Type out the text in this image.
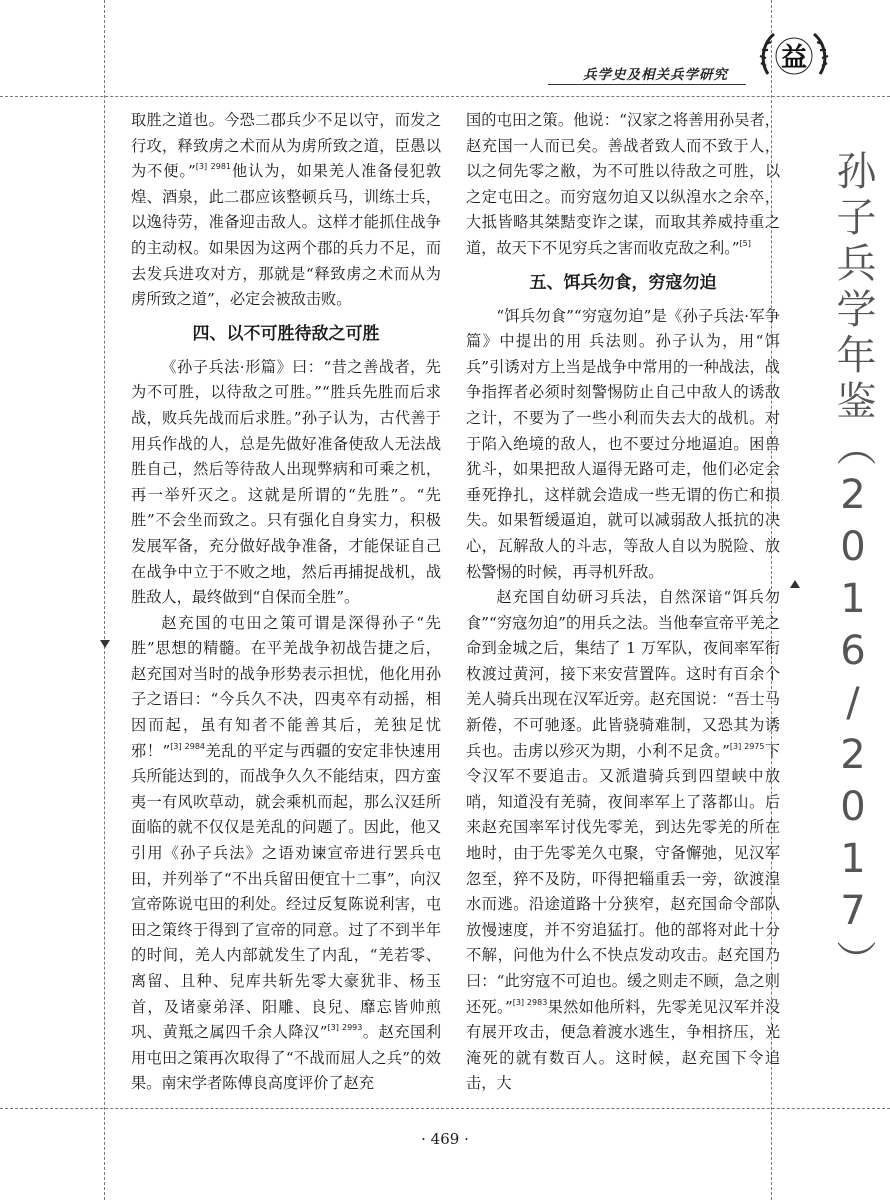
兵学史及相关兵学研究
益

取胜之道也。今恐二郡兵少不足以守，而发之行攻，释致虏之术而从为虏所致之道，臣愚以为不便。”$^{[3] 2981}$他认为，如果羌人准备侵犯敦煌、酒泉，此二郡应该整顿兵马，训练士兵，以逸待劳，准备迎击敌人。这样才能抓住战争的主动权。如果因为这两个郡的兵力不足，而去发兵进攻对方，那就是“释致虏之术而从为虏所致之道”，必定会被敌击败。

四、以不可胜待敌之可胜

《孙子兵法·形篇》曰：“昔之善战者，先为不可胜，以待敌之可胜。”“胜兵先胜而后求战，败兵先战而后求胜。”孙子认为，古代善于用兵作战的人，总是先做好准备使敌人无法战胜自己，然后等待敌人出现弊病和可乘之机，再一举歼灭之。这就是所谓的“先胜”。“先胜”不会坐而致之。只有强化自身实力，积极发展军备，充分做好战争准备，才能保证自己在战争中立于不败之地，然后再捕捉战机，战胜敌人，最终做到“自保而全胜”。

赵充国的屯田之策可谓是深得孙子“先胜”思想的精髓。在平羌战争初战告捷之后，赵充国对当时的战争形势表示担忧，他化用孙子之语曰：“今兵久不决，四夷卒有动摇，相因而起，虽有知者不能善其后，羌独足忧邪！”$^{[3] 2984}$羌乱的平定与西疆的安定非快速用兵所能达到的，而战争久久不能结束，四方蛮夷一有风吹草动，就会乘机而起，那么汉廷所面临的就不仅仅是羌乱的问题了。因此，他又引用《孙子兵法》之语劝谏宣帝进行罢兵屯田，并列举了“不出兵留田便宜十二事”，向汉宣帝陈说屯田的利处。经过反复陈说利害，屯田之策终于得到了宣帝的同意。过了不到半年的时间，羌人内部就发生了内乱，“羌若零、离留、且种、兒库共斩先零大豪犹非、杨玉首，及诸豪弟泽、阳雕、良兒、靡忘皆帅煎巩、黄羝之属四千余人降汉”$^{[3] 2993}$。赵充国利用屯田之策再次取得了“不战而屈人之兵”的效果。南宋学者陈傅良高度评价了赵充

国的屯田之策。他说：“汉家之将善用孙吴者，赵充国一人而已矣。善战者致人而不致于人，以之伺先零之敝，为不可胜以待敌之可胜，以之定屯田之。而穷寇勿迫又以纵湟水之余卒，大抵皆略其桀黠变诈之谋，而取其养威持重之道，故天下不见穷兵之害而收克敌之利。”[5]

五、饵兵勿食，穷寇勿迫

“饵兵勿食”“穷寇勿迫”是《孙子兵法·军争篇》中提出的用 兵法则。孙子认为，用“饵兵”引诱对方上当是战争中常用的一种战法，战争指挥者必须时刻警惕防止自己中敌人的诱敌之计，不要为了一些小利而失去大的战机。对于陷入绝境的敌人，也不要过分地逼迫。困兽犹斗，如果把敌人逼得无路可走，他们必定会垂死挣扎，这样就会造成一些无谓的伤亡和损失。如果暂缓逼迫，就可以减弱敌人抵抗的决心，瓦解敌人的斗志，等敌人自以为脱险、放松警惕的时候，再寻机歼敌。

赵充国自幼研习兵法，自然深谙“饵兵勿食”“穷寇勿迫”的用兵之法。当他奉宣帝平羌之命到金城之后，集结了 1 万军队，夜间率军衔枚渡过黄河，接下来安营置阵。这时有百余个羌人骑兵出现在汉军近旁。赵充国说：“吾士马新倦，不可驰逐。此皆骁骑难制，又恐其为诱兵也。击虏以殄灭为期，小利不足贪。”$^{[3] 2975}$下令汉军不要追击。又派遣骑兵到四望峡中放哨，知道没有羌骑，夜间率军上了落都山。后来赵充国率军讨伐先零羌，到达先零羌的所在地时，由于先零羌久屯聚，守备懈弛，见汉军忽至，猝不及防，吓得把辎重丢一旁，欲渡湟水而逃。沿途道路十分狭窄，赵充国命令部队放慢速度，并不穷追猛打。他的部将对此十分不解，问他为什么不快点发动攻击。赵充国乃曰：“此穷寇不可迫也。缓之则走不顾，急之则还死。”$^{[3] 2983}$果然如他所料，先零羌见汉军并没有展开攻击，便急着渡水逃生，争相挤压，光淹死的就有数百人。这时候，赵充国下令追击，大

孙子兵学年鉴（2016/2017）
· 469 ·
